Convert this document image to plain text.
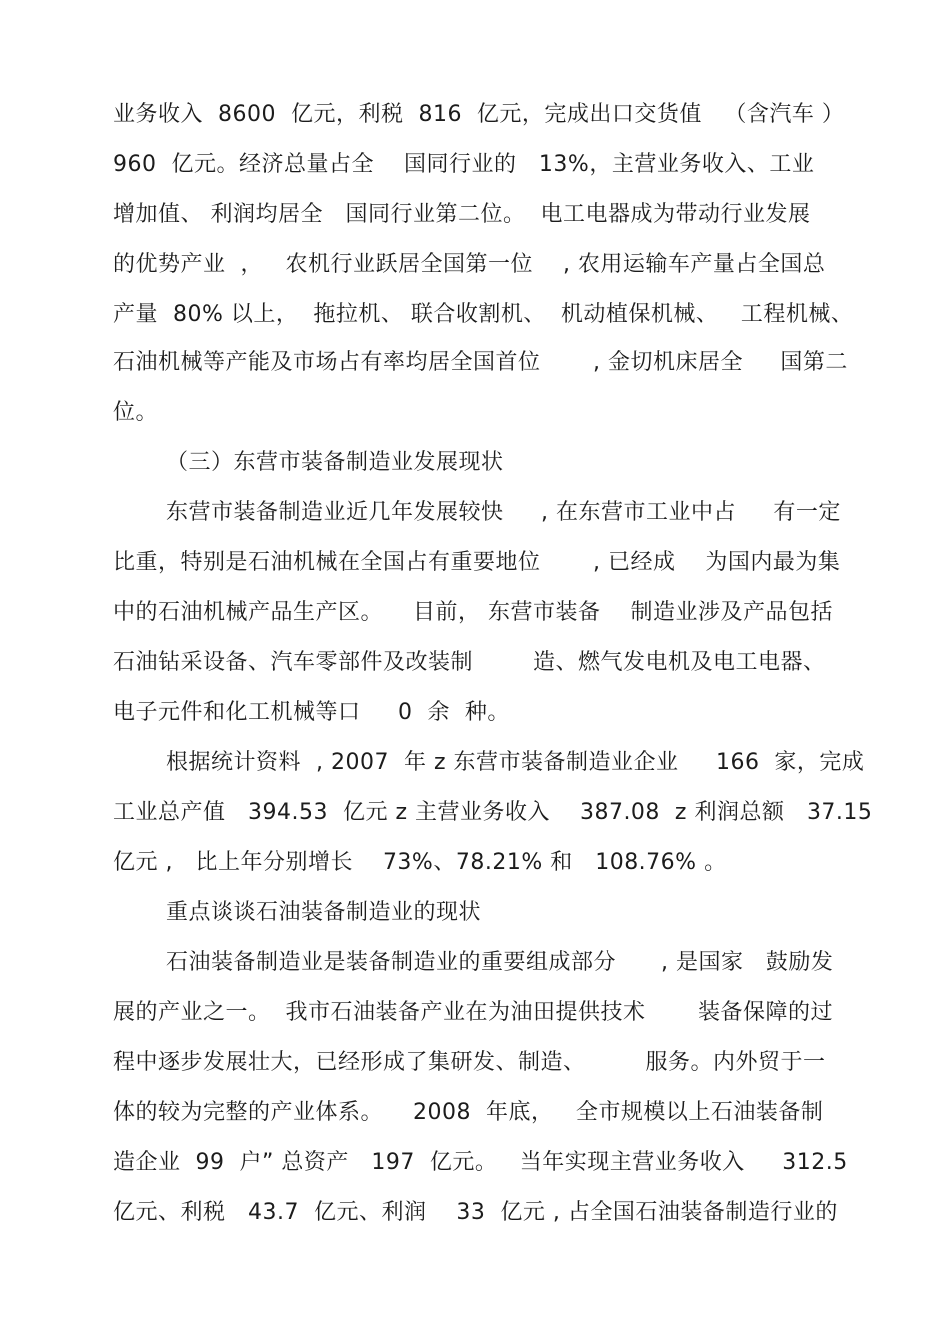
业务收入  8600  亿元，利税  816  亿元，完成出口交货值   （含汽车 ）
960  亿元。经济总量占全    国同行业的   13%，主营业务收入、工业
增加值、 利润均居全   国同行业第二位。  电工电器成为带动行业发展
的优势产业  ，   农机行业跃居全国第一位    , 农用运输车产量占全国总
产量  80% 以上，  拖拉机、 联合收割机、  机动植保机械、   工程机械、
石油机械等产能及市场占有率均居全国首位       , 金切机床居全     国第二
位。
（三）东营市装备制造业发展现状
东营市装备制造业近几年发展较快     , 在东营市工业中占     有一定
比重，特别是石油机械在全国占有重要地位       , 已经成    为国内最为集
中的石油机械产品生产区。    目前， 东营市装备    制造业涉及产品包括
石油钻采设备、汽车零部件及改装制        造、燃气发电机及电工电器、
电子元件和化工机械等口     0  余  种。
根据统计资料  , 2007  年 z 东营市装备制造业企业     166  家，完成
工业总产值   394.53  亿元 z 主营业务收入    387.08  z 利润总额   37.15
亿元 ,   比上年分别增长    73%、78.21% 和   108.76% 。
重点谈谈石油装备制造业的现状
石油装备制造业是装备制造业的重要组成部分      , 是国家   鼓励发
展的产业之一。  我市石油装备产业在为油田提供技术       装备保障的过
程中逐步发展壮大，已经形成了集研发、制造、        服务。内外贸于一
体的较为完整的产业体系。    2008  年底，   全市规模以上石油装备制
造企业  99  户” 总资产   197  亿元。   当年实现主营业务收入     312.5
亿元、利税   43.7  亿元、利润    33  亿元 , 占全国石油装备制造行业的
